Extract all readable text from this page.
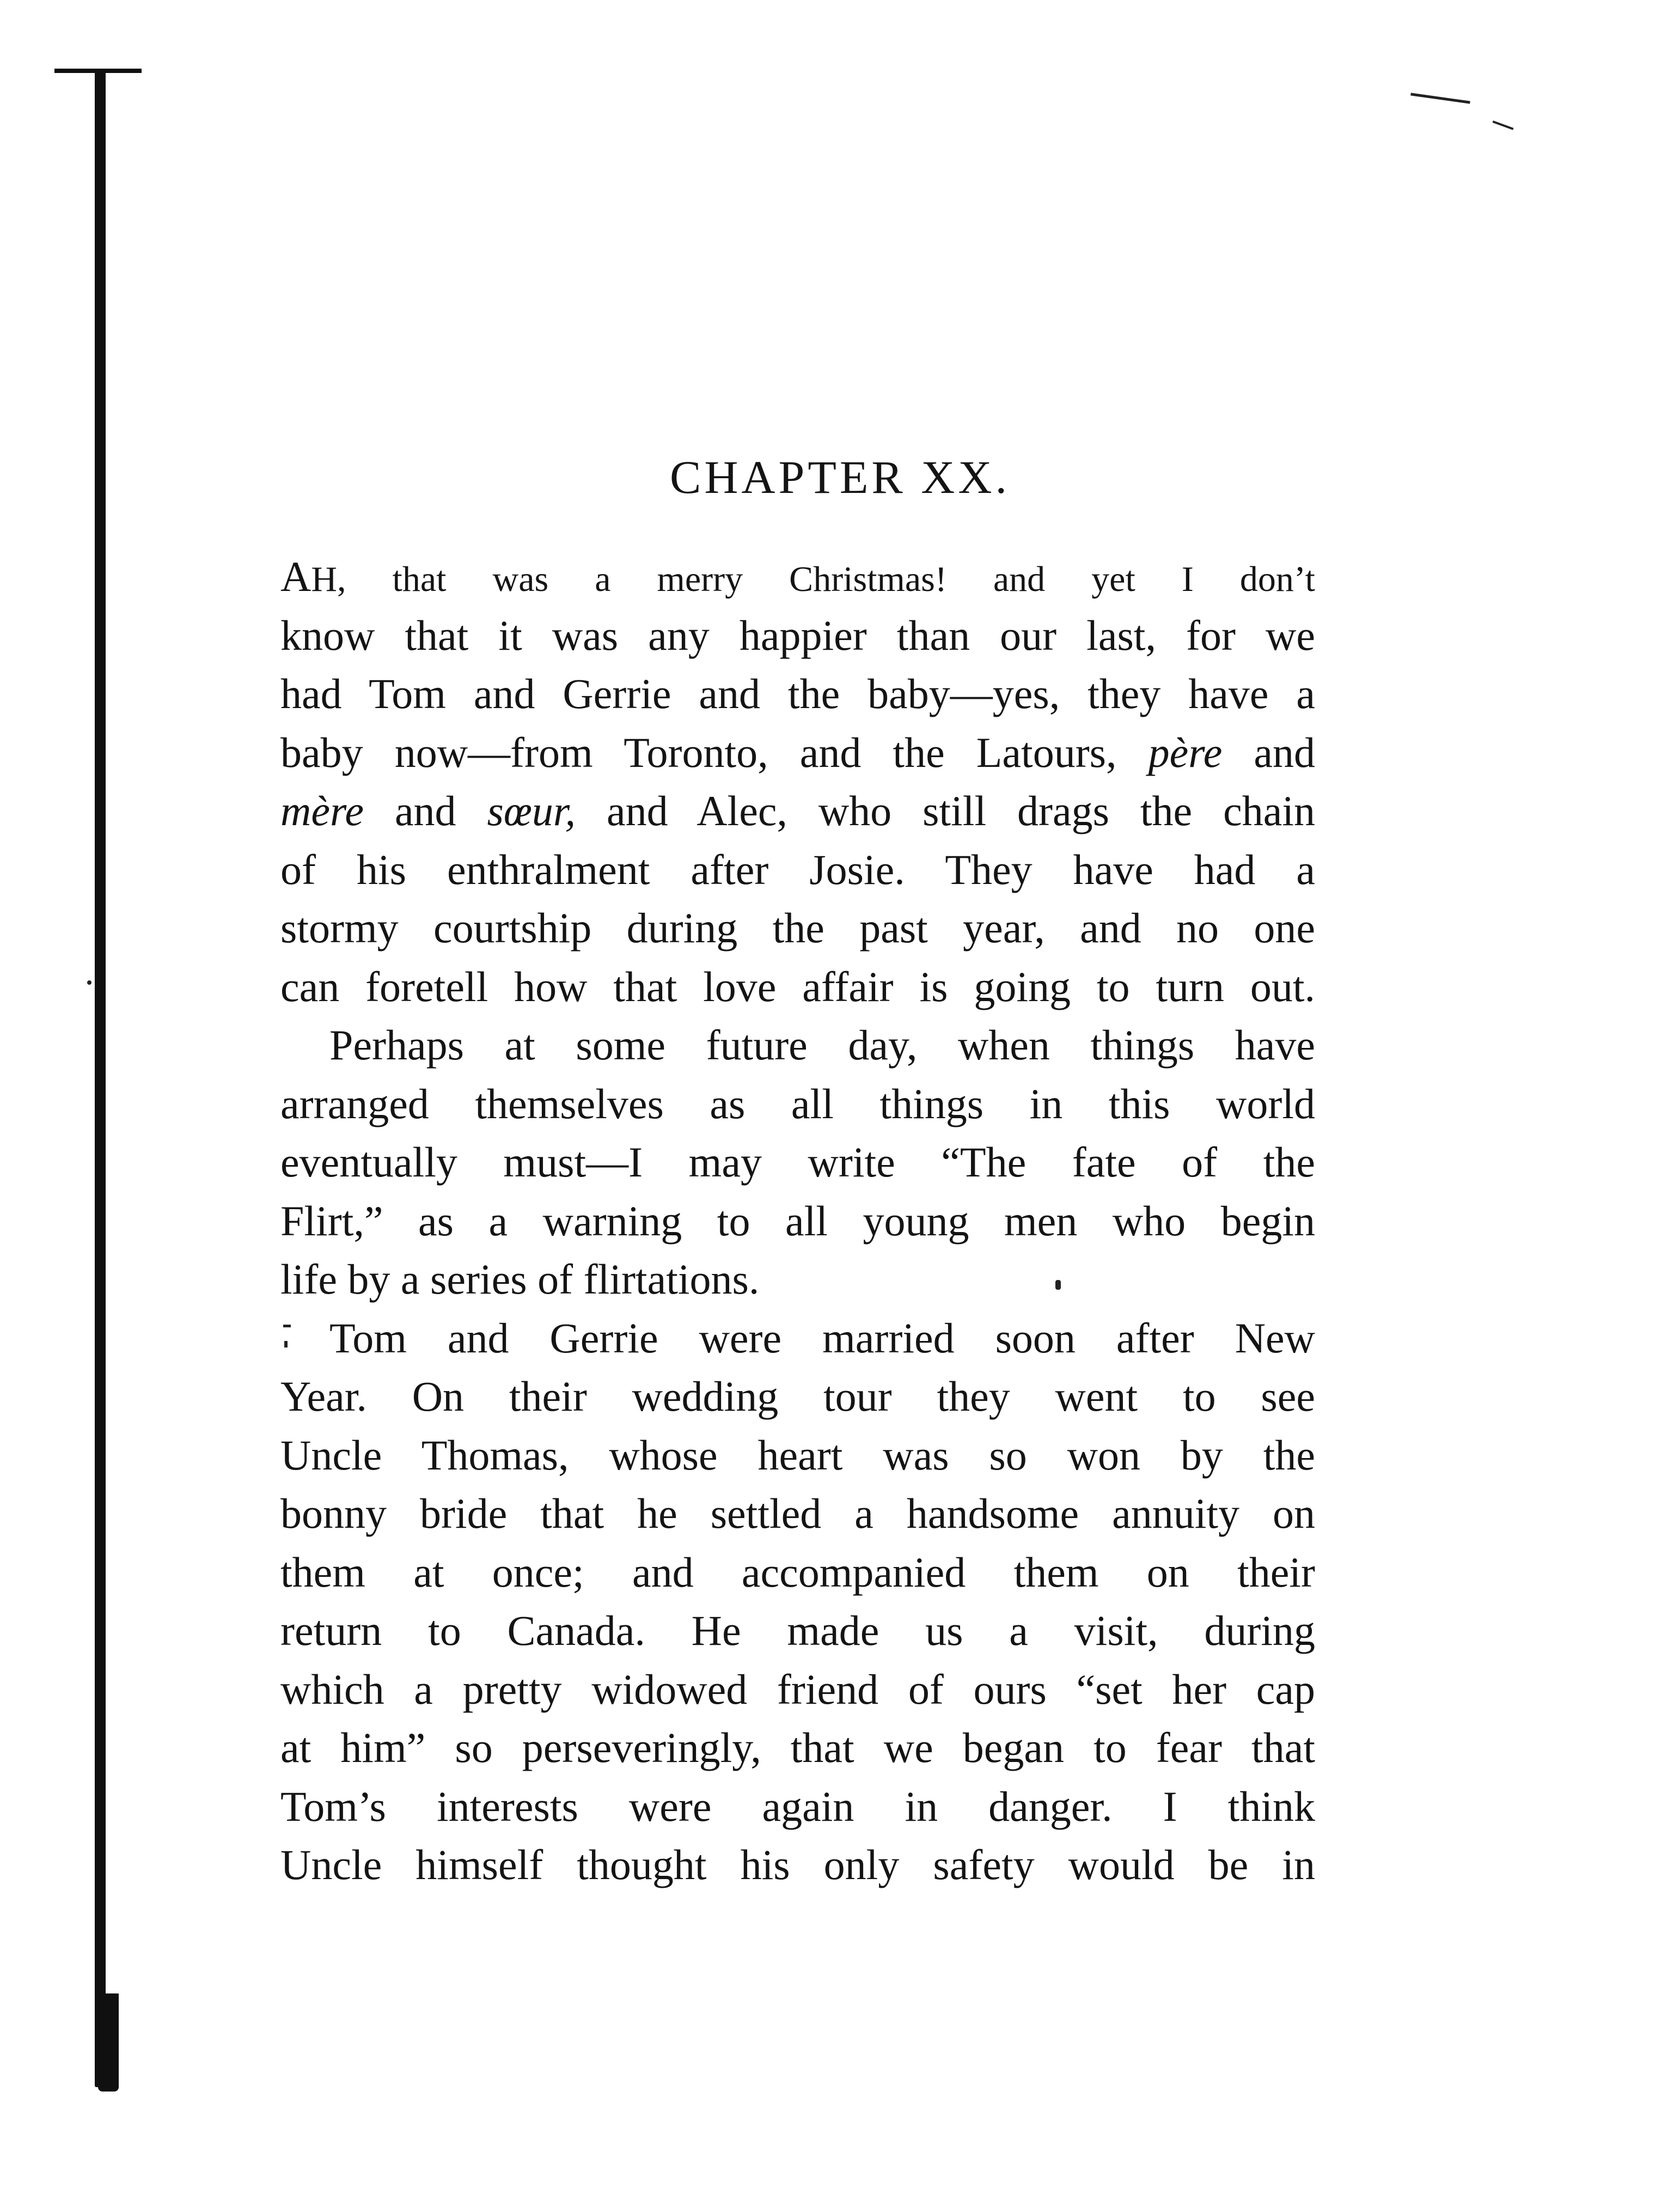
CHAPTER XX.
AH, that was a merry Christmas! and yet I don’t
know that it was any happier than our last, for we
had Tom and Gerrie and the baby—yes, they have a
baby now—from Toronto, and the Latours, père and
mère and sœur, and Alec, who still drags the chain
of his enthralment after Josie. They have had a
stormy courtship during the past year, and no one
can foretell how that love affair is going to turn out.
Perhaps at some future day, when things have
arranged themselves as all things in this world
eventually must—I may write “The fate of the
Flirt,” as a warning to all young men who begin
life by a series of flirtations.
Tom and Gerrie were married soon after New
Year. On their wedding tour they went to see
Uncle Thomas, whose heart was so won by the
bonny bride that he settled a handsome annuity on
them at once; and accompanied them on their
return to Canada. He made us a visit, during
which a pretty widowed friend of ours “set her cap
at him” so perseveringly, that we began to fear that
Tom’s interests were again in danger. I think
Uncle himself thought his only safety would be in
